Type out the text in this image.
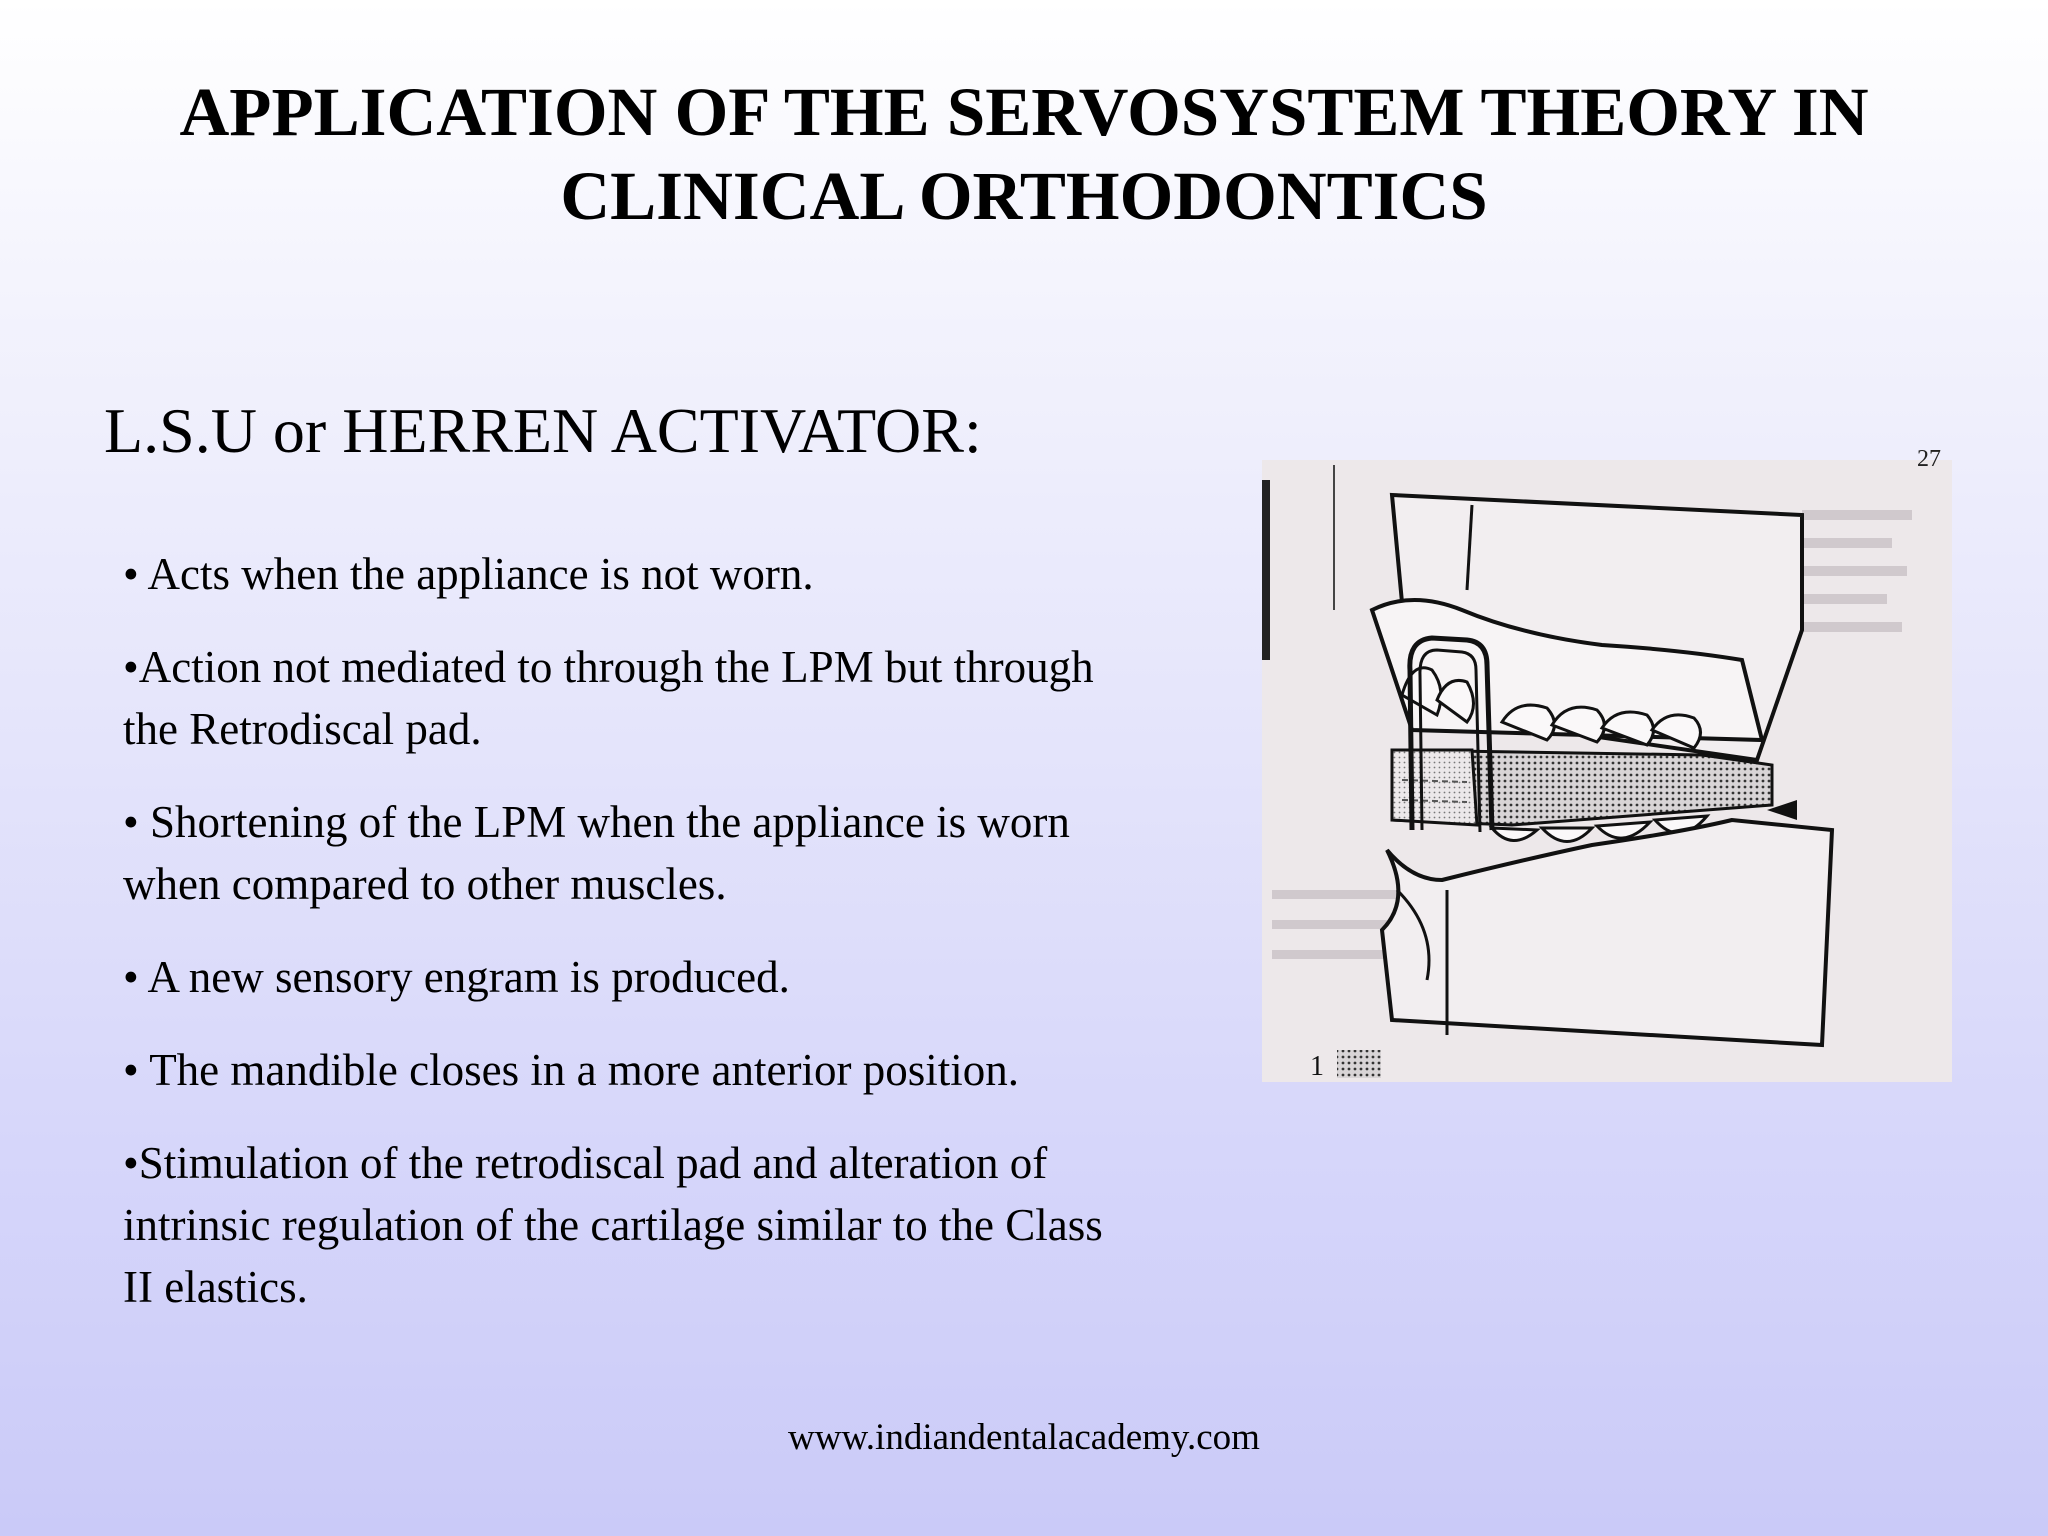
APPLICATION OF THE SERVOSYSTEM THEORY IN
CLINICAL ORTHODONTICS
L.S.U or HERREN ACTIVATOR:
• Acts when the appliance is not worn.
•Action not mediated to through the LPM but through the Retrodiscal pad.
• Shortening of the LPM when the appliance is worn when compared to other muscles.
• A new sensory engram is produced.
• The mandible closes in a more anterior position.
•Stimulation of the retrodiscal pad and alteration of intrinsic regulation of the cartilage similar to the Class II elastics.
1
27
www.indiandentalacademy.com
